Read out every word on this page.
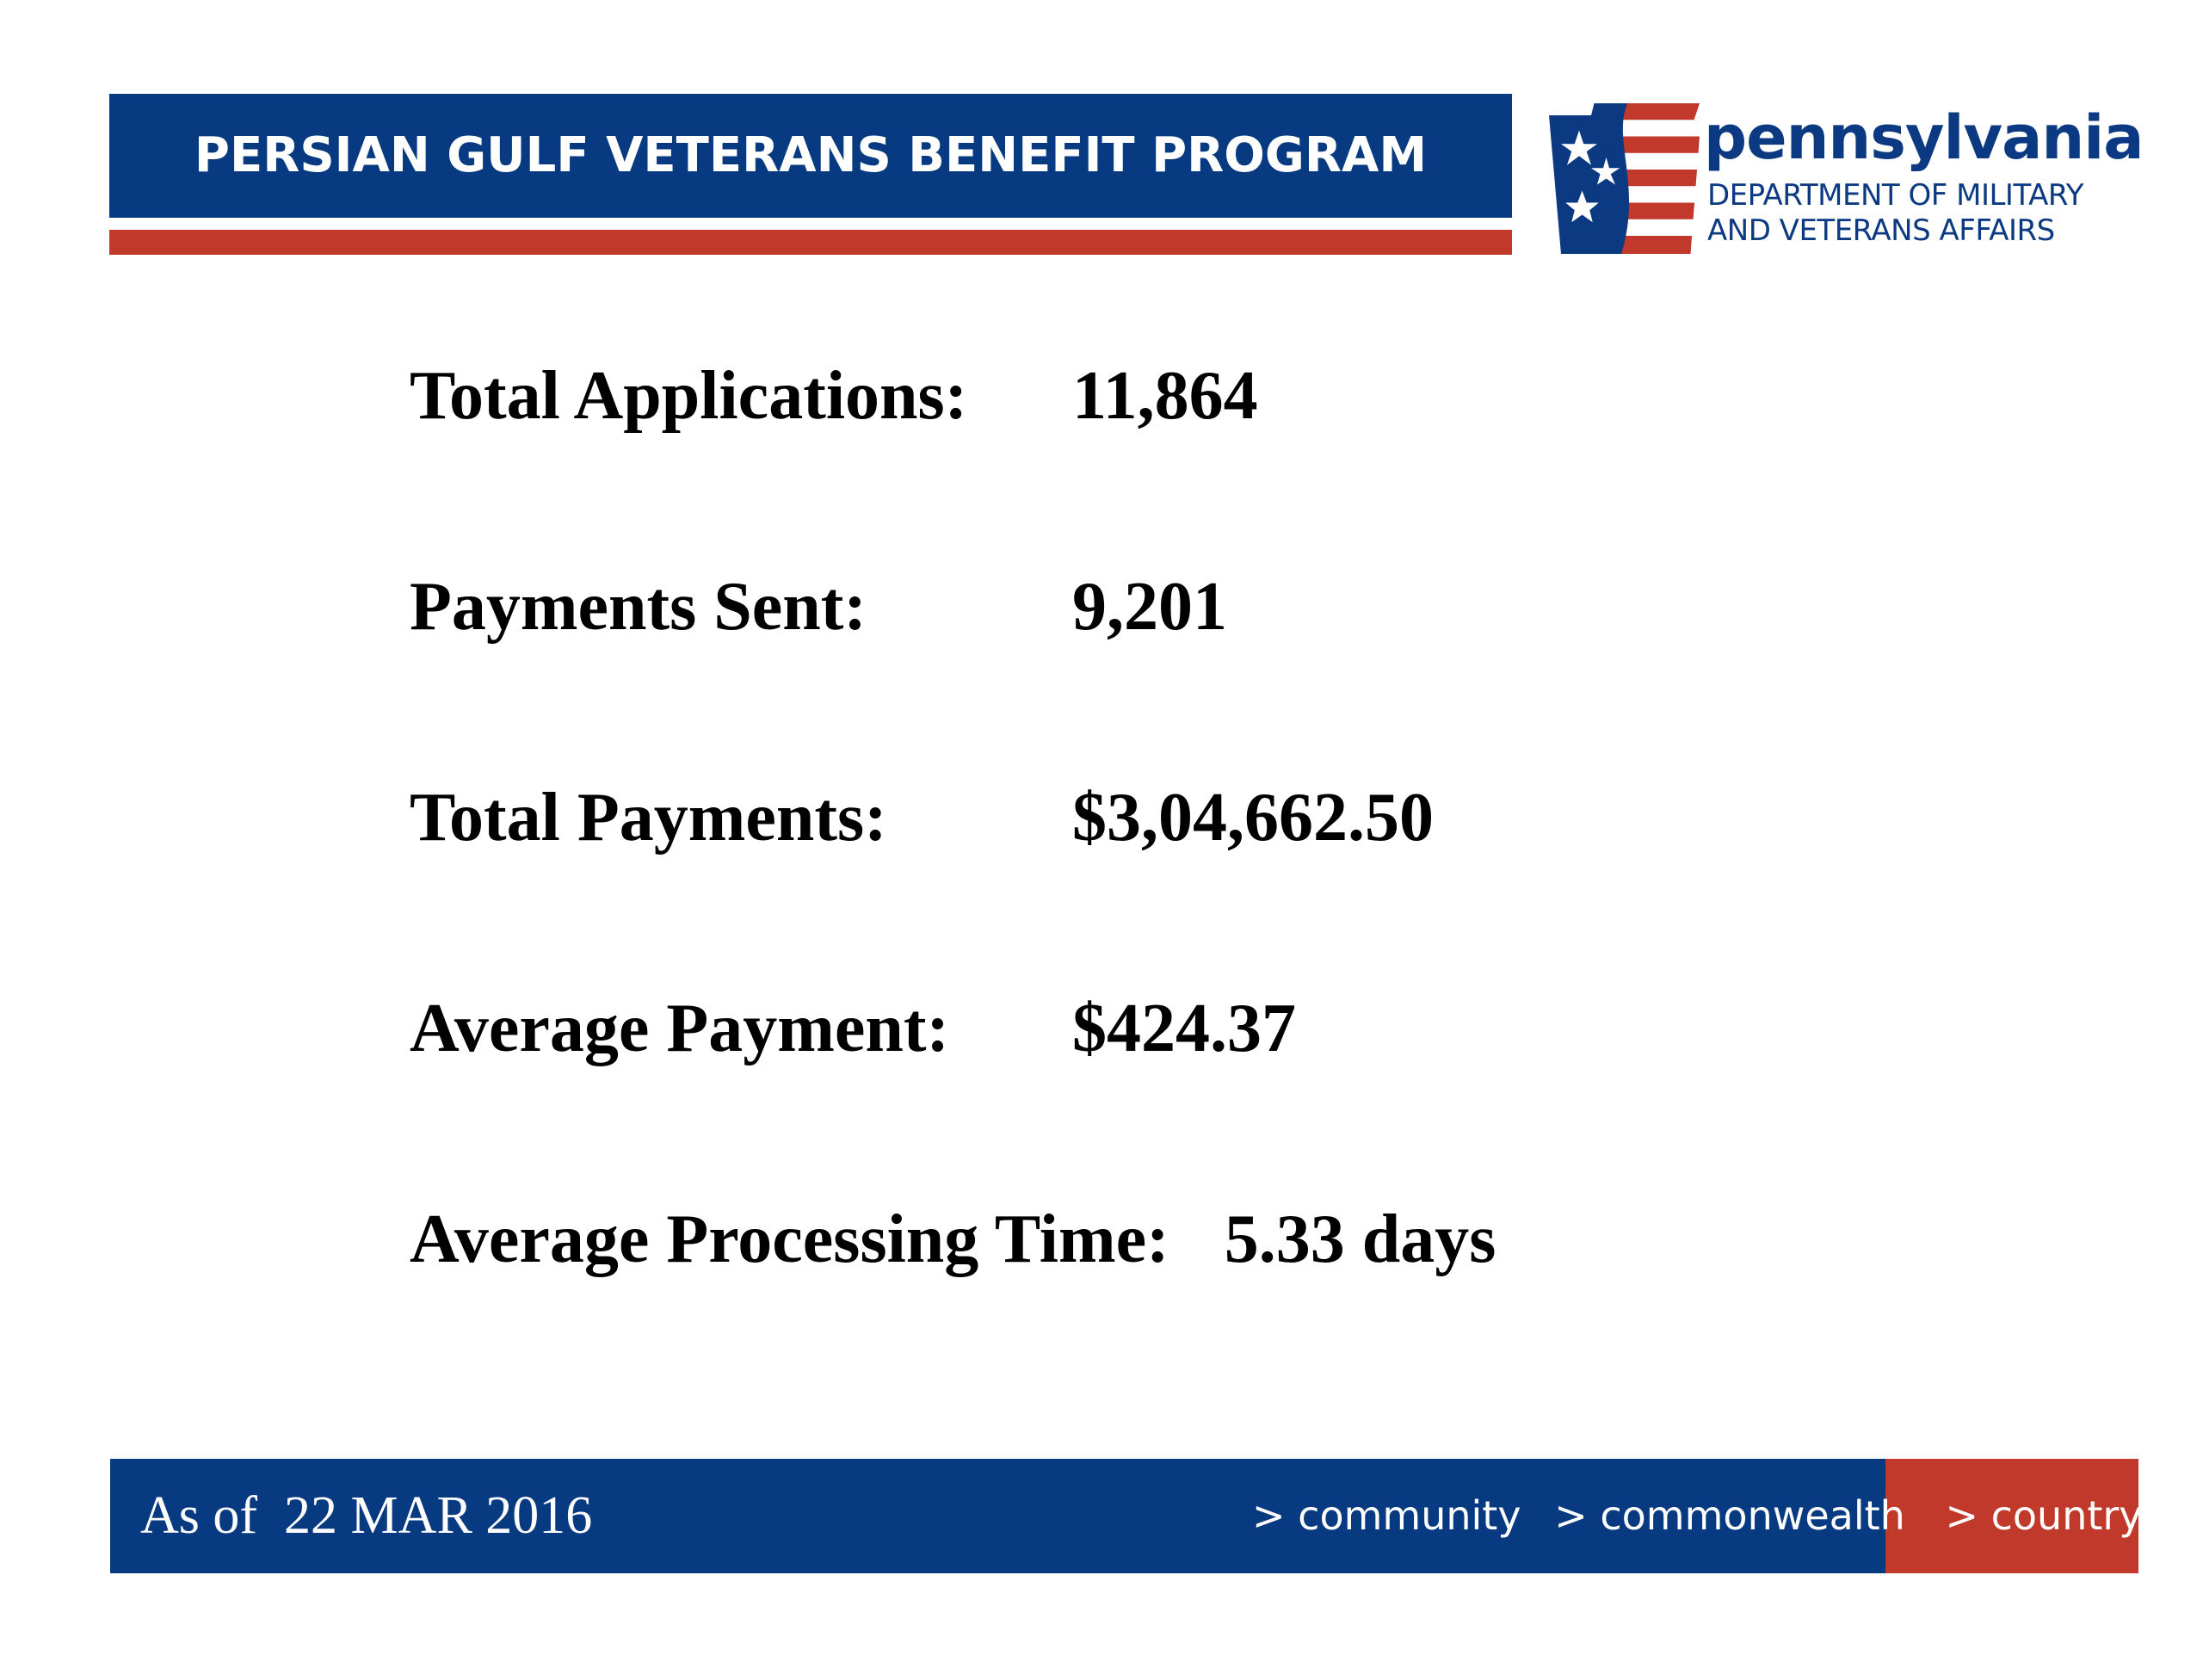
PERSIAN GULF VETERANS BENEFIT PROGRAM	pennsylvania
DEPARTMENT OF MILITARY
AND VETERANS AFFAIRS
Total Applications: 11,864
Payments Sent:	9,201
Total Payments:	$3,04,662.50
Average Payment: $424.37
Average Processing Time: 5.33 days
As of  22 MAR 2016	> community > commonwealth > country
